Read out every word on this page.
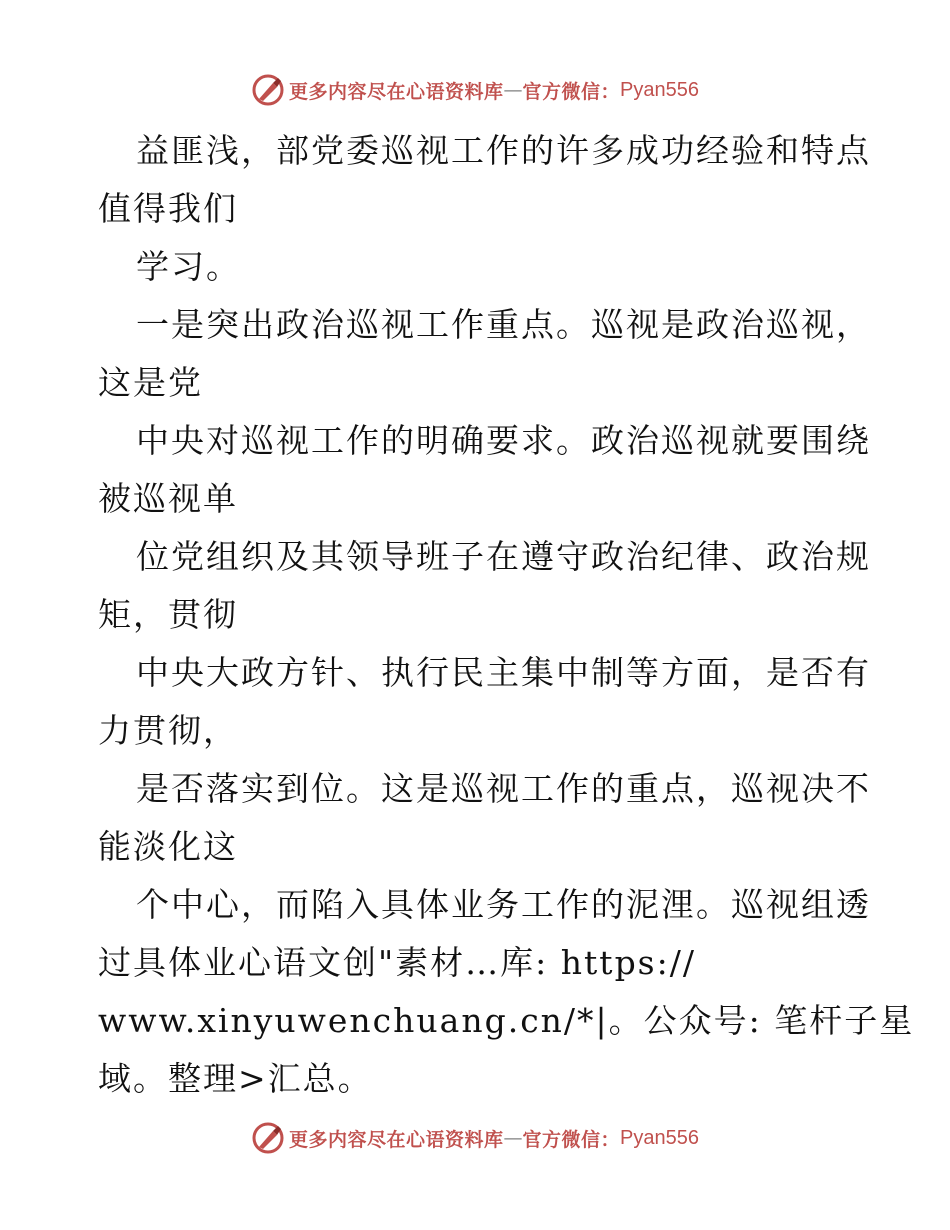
更多内容尽在心语资料库 — 官方微信： Pyan556
益匪浅，部党委巡视工作的许多成功经验和特点
值得我们
学习。
一是突出政治巡视工作重点。巡视是政治巡视，
这是党
中央对巡视工作的明确要求。政治巡视就要围绕
被巡视单
位党组织及其领导班子在遵守政治纪律、政治规
矩，贯彻
中央大政方针、执行民主集中制等方面，是否有
力贯彻，
是否落实到位。这是巡视工作的重点，巡视决不
能淡化这
个中心，而陷入具体业务工作的泥浬。巡视组透
过具体业心语文创"素材…库: https://
www.xinyuwenchuang.cn/*|。公众号: 笔杆子星
域。整理>汇总。
更多内容尽在心语资料库 — 官方微信： Pyan556
